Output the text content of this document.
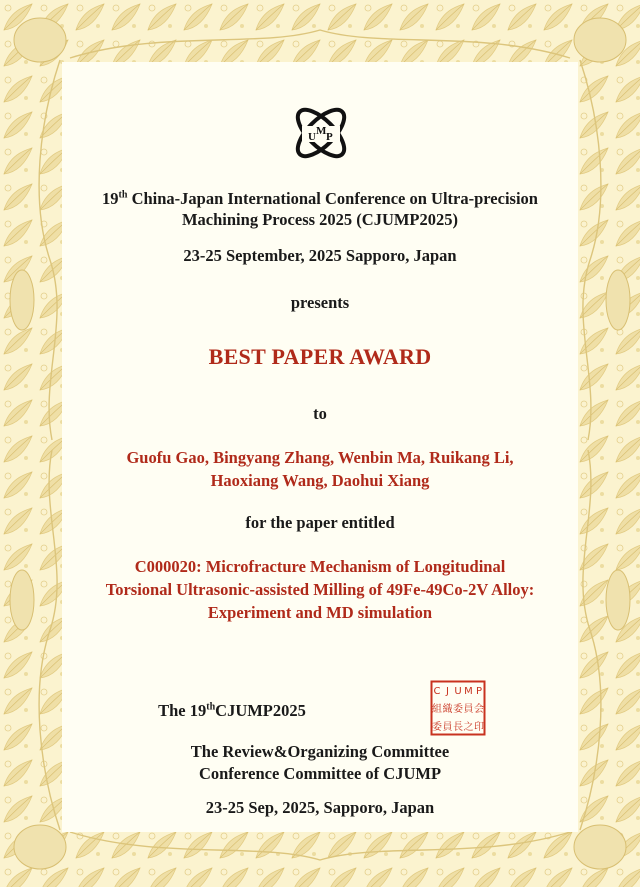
U M P
19th China-Japan International Conference on Ultra-precision
Machining Process 2025 (CJUMP2025)
23-25 September, 2025 Sapporo, Japan
presents
BEST PAPER AWARD
to
Guofu Gao, Bingyang Zhang, Wenbin Ma, Ruikang Li,
Haoxiang Wang, Daohui Xiang
for the paper entitled
C000020: Microfracture Mechanism of Longitudinal
Torsional Ultrasonic-assisted Milling of 49Fe-49Co-2V Alloy:
Experiment and MD simulation
The 19thCJUMP2025
C J U M P
組 織 委 員 会
委 員 長 之 印
The Review&Organizing Committee
Conference Committee of CJUMP
23-25 Sep, 2025, Sapporo, Japan
